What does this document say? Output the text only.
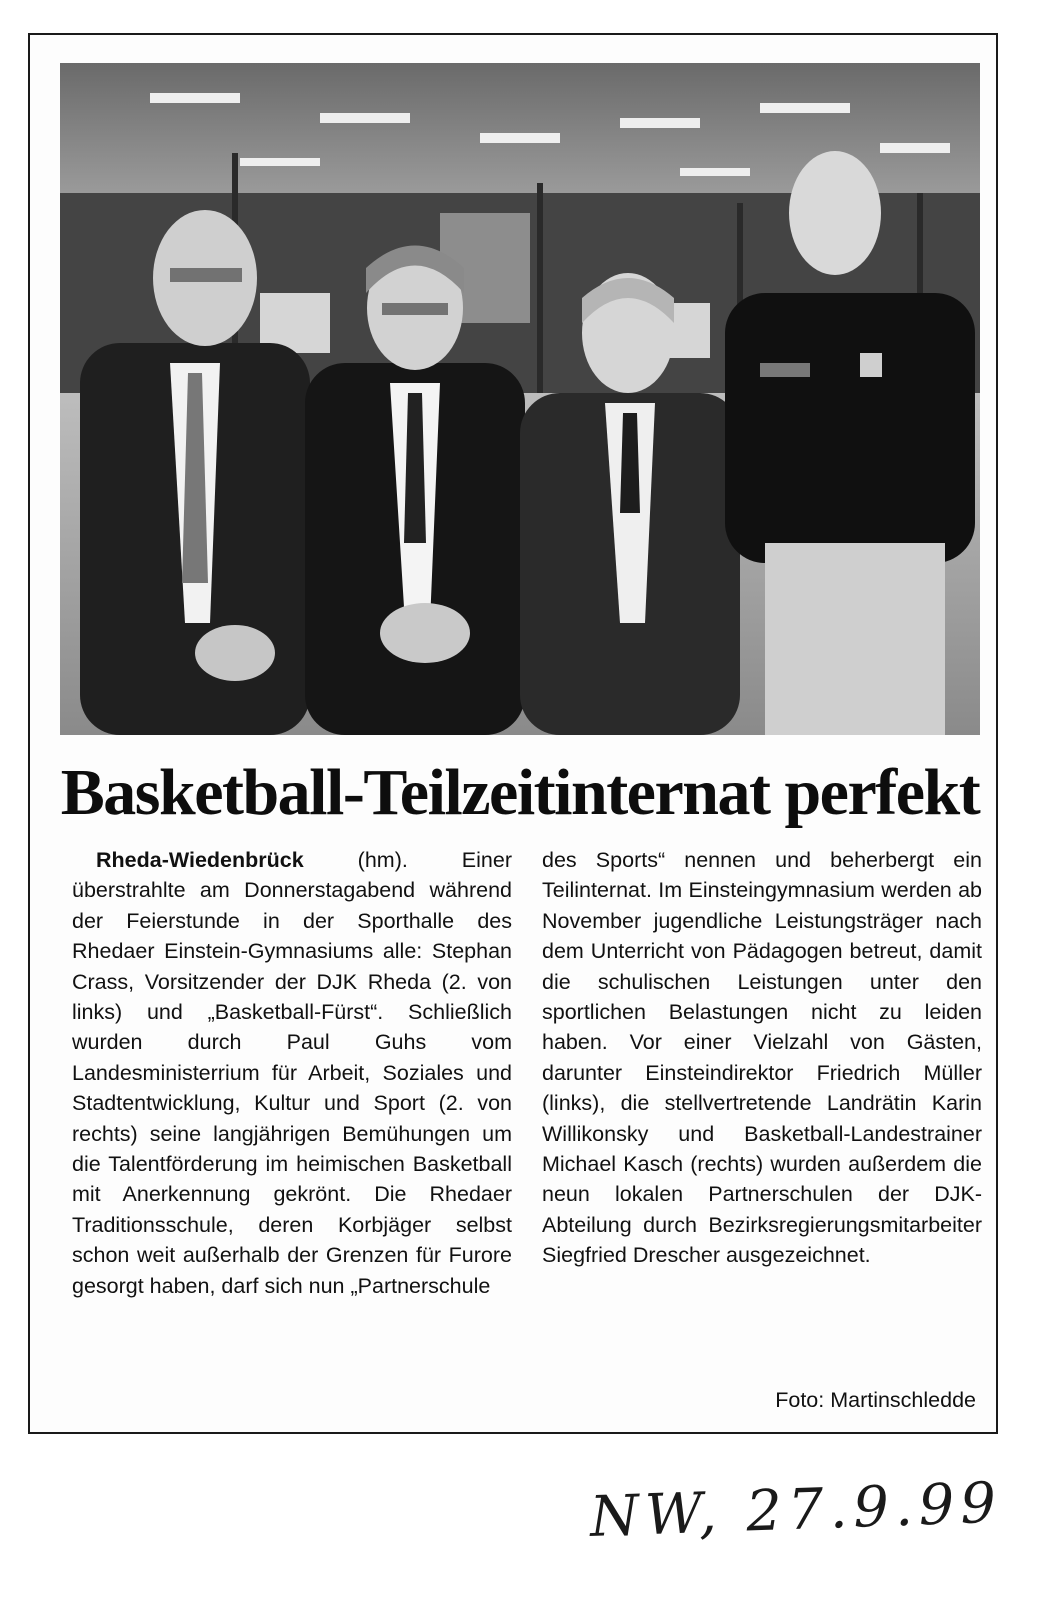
Basketball-Teilzeitinternat perfekt

Rheda-Wiedenbrück (hm). Einer überstrahlte am Donnerstagabend während der Feierstunde in der Sporthalle des Rhedaer Einstein-Gymnasiums alle: Stephan Crass, Vorsitzender der DJK Rheda (2. von links) und „Basketball-Fürst“. Schließlich wurden durch Paul Guhs vom Landesministerrium für Arbeit, Soziales und Stadtentwicklung, Kultur und Sport (2. von rechts) seine langjährigen Bemühungen um die Talentförderung im heimischen Basketball mit Anerkennung gekrönt. Die Rhedaer Traditionsschule, deren Korbjäger selbst schon weit außerhalb der Grenzen für Furore gesorgt haben, darf sich nun „Partnerschule

des Sports“ nennen und beherbergt ein Teilinternat. Im Einsteingymnasium werden ab November jugendliche Leistungsträger nach dem Unterricht von Pädagogen betreut, damit die schulischen Leistungen unter den sportlichen Belastungen nicht zu leiden haben. Vor einer Vielzahl von Gästen, darunter Einsteindirektor Friedrich Müller (links), die stellvertretende Landrätin Karin Willikonsky und Basketball-Landestrainer Michael Kasch (rechts) wurden außerdem die neun lokalen Partnerschulen der DJK-Abteilung durch Bezirksregierungsmitarbeiter Siegfried Drescher ausgezeichnet.

Foto: Martinschledde
NW, 27.9.99
